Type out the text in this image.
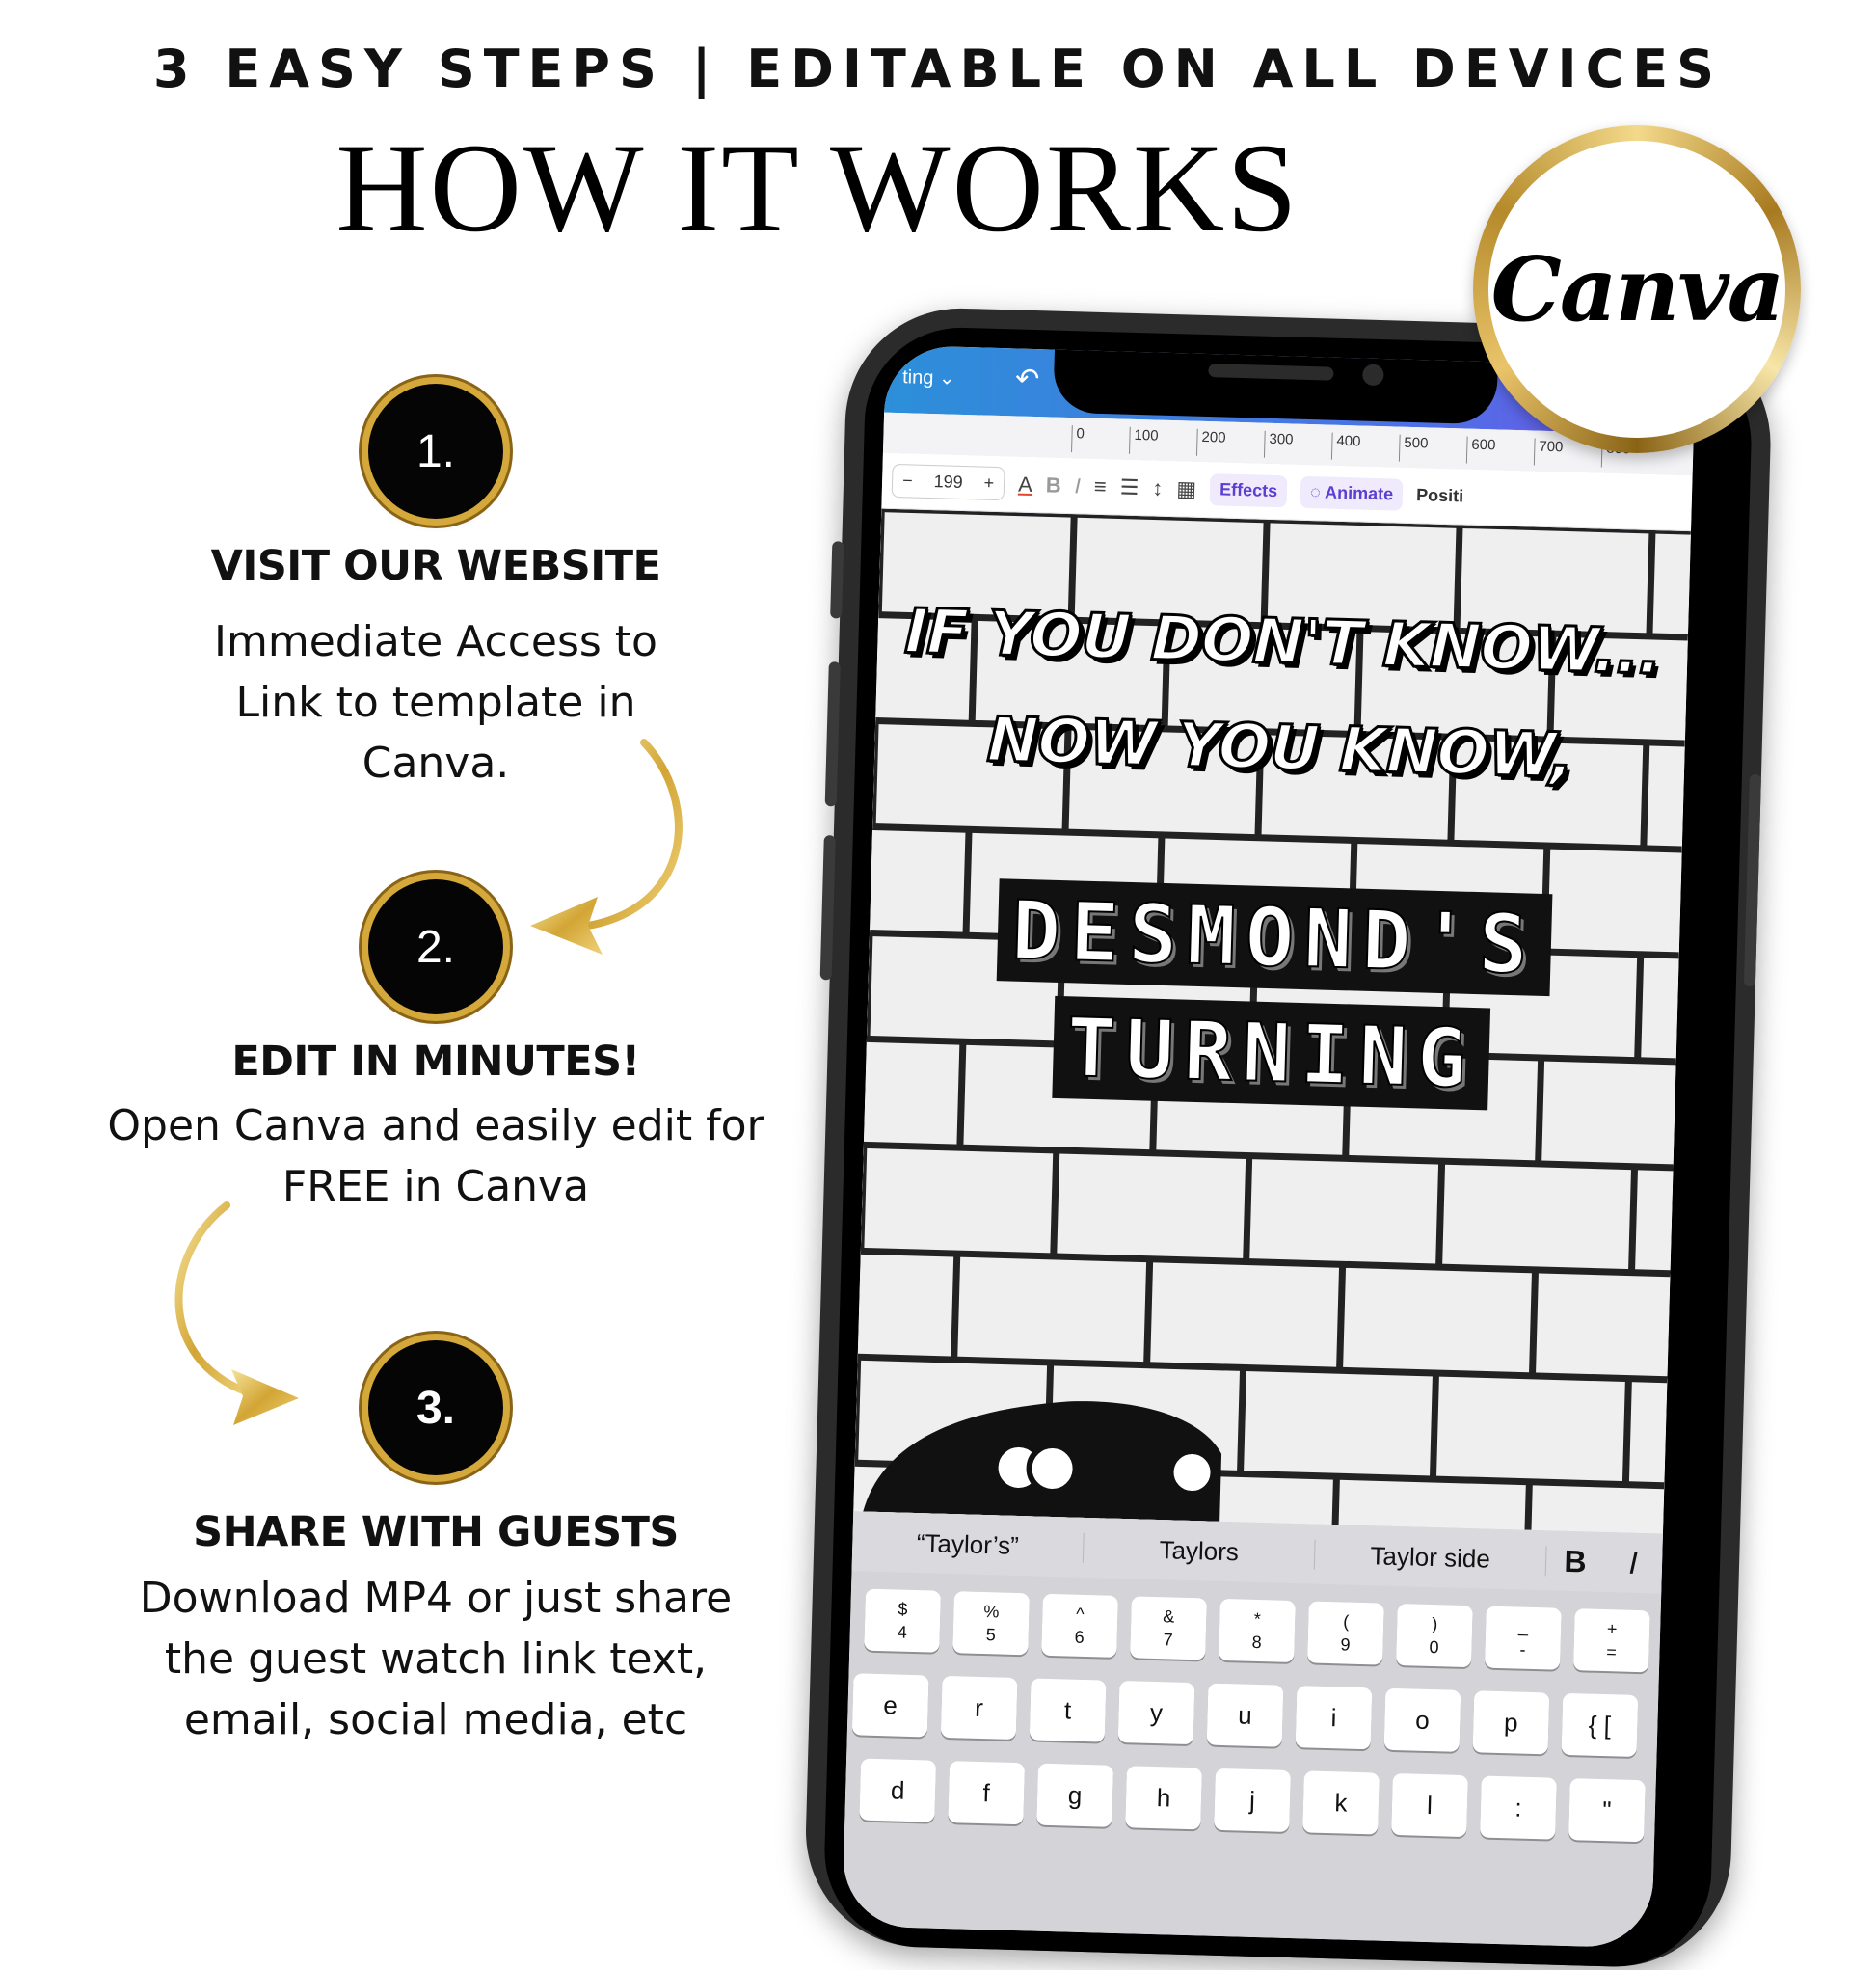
3 EASY STEPS | EDITABLE ON ALL DEVICES
HOW IT WORKS
1.
VISIT OUR WEBSITE
Immediate Access to Link to template in Canva.
2.
EDIT IN MINUTES!
Open Canva and easily edit for FREE in Canva
3.
SHARE WITH GUESTS
Download MP4 or just share the guest watch link text, email, social media, etc
ting ⌄ ↶
0	100	200	300	400	500	600	700
− 199 + A B I ≡ ☰ ↕ ▦	Effects	◌ Animate	Positi
IF YOU DON'T KNOW...
NOW YOU KNOW,
DESMOND'S
TURNING
“Taylor’s”	Taylors	Taylor side	B	I
$
4
%
5
^
6
&
7
*
8
(
9
)
0
_
-
+
=
e	r	t	y	u	i	o	p	{ [
d	f	g	h	j	k	l	:	"
Canva
